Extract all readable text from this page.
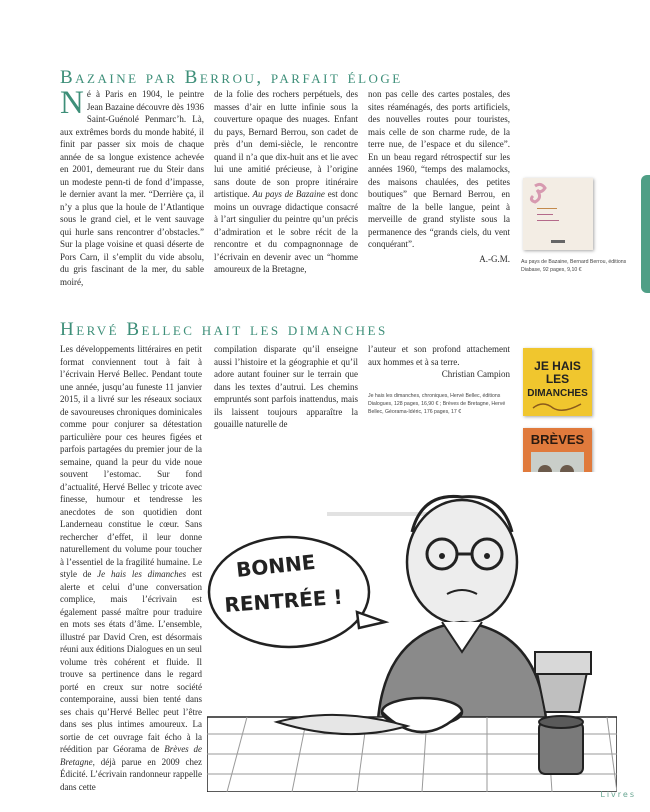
Bazaine par Berrou, parfait éloge
Né à Paris en 1904, le peintre Jean Bazaine découvre dès 1936 Saint-Guénolé Penmarc’h. Là, aux extrêmes bords du monde habité, il finit par passer six mois de chaque année de sa longue existence achevée en 2001, demeurant rue du Steir dans un modeste penn-ti de fond d’impasse, le dernier avant la mer. “Derrière ça, il n’y a plus que la houle de l’Atlantique sous le grand ciel, et le vent sauvage qui hurle sans rencontrer d’obstacles.” Sur la plage voisine et quasi déserte de Pors Carn, il s’emplit du vide absolu, du gris fascinant de la mer, du sable moiré,
de la folie des rochers perpétuels, des masses d’air en lutte infinie sous la couverture opaque des nuages. Enfant du pays, Bernard Berrou, son cadet de près d’un demi-siècle, le rencontre quand il n’a que dix-huit ans et lie avec lui une amitié précieuse, à l’origine sans doute de son propre itinéraire artistique. Au pays de Bazaine est donc moins un ouvrage didactique consacré à l’art singulier du peintre qu’un précis d’admiration et le sobre récit de la rencontre et du compagnonnage de l’écrivain en devenir avec un “homme amoureux de la Bretagne,
non pas celle des cartes postales, des sites réaménagés, des ports artificiels, des nouvelles routes pour touristes, mais celle de son charme rude, de la terre nue, de l’espace et du silence”. En un beau regard rétrospectif sur les années 1960, “temps des malamocks, des maisons chaulées, des petites boutiques” que Bernard Berrou, en maître de la belle langue, peint à merveille de grand styliste sous la permanence des “grands ciels, du vent conquérant”.
A.-G.M. Au pays de Bazaine, Bernard Berrou, éditions Diabase, 92 pages, 9,10 €
Hervé Bellec hait les dimanches
Les développements littéraires en petit format conviennent tout à fait à l’écrivain Hervé Bellec. Pendant toute une année, jusqu’au funeste 11 janvier 2015, il a livré sur les réseaux sociaux de savoureuses chroniques dominicales comme pour conjurer sa détestation particulière pour ces heures figées et parfois partagées du premier jour de la semaine, quand la peur du vide noue souvent l’estomac. Sur fond d’actualité, Hervé Bellec y tricote avec finesse, humour et tendresse les anecdotes de son quotidien dont Landerneau constitue le cœur. Sans rechercher d’effet, il leur donne naturellement du volume pour toucher à l’essentiel de la fragilité humaine. Le style de Je hais les dimanches est alerte et celui d’une conversation complice, mais l’écrivain est également passé maître pour traduire en mots ses états d’âme. L’ensemble, illustré par David Cren, est désormais réuni aux éditions Dialogues en un seul volume très cohérent et fluide. Il trouve sa pertinence dans le regard porté en creux sur notre société contemporaine, aussi bien tenté dans ses chais qu’Hervé Bellec peut l’être dans ses plus intimes amoureux. La sortie de cet ouvrage fait écho à la réédition par Géorama de Brèves de Bretagne, déjà parue en 2009 chez Édicité. L’écrivain randonneur rappelle dans cette
compilation disparate qu’il enseigne aussi l’histoire et la géographie et qu’il adore autant fouiner sur le terrain que dans les textes d’autrui. Les chemins empruntés sont parfois inattendus, mais ils laissent toujours apparaître la gouaille naturelle de
l’auteur et son profond attachement aux hommes et à sa terre.
Christian Campion
Je hais les dimanches, chroniques, Hervé Bellec, éditions Dialogues, 128 pages, 16,90 € ; Brèves de Bretagne, Hervé Bellec, Géorama-Idéric, 176 pages, 17 €
JE HAIS
LES
DIMANCHES
BRÈVES
BONNE
RENTRÉE !
Livres
